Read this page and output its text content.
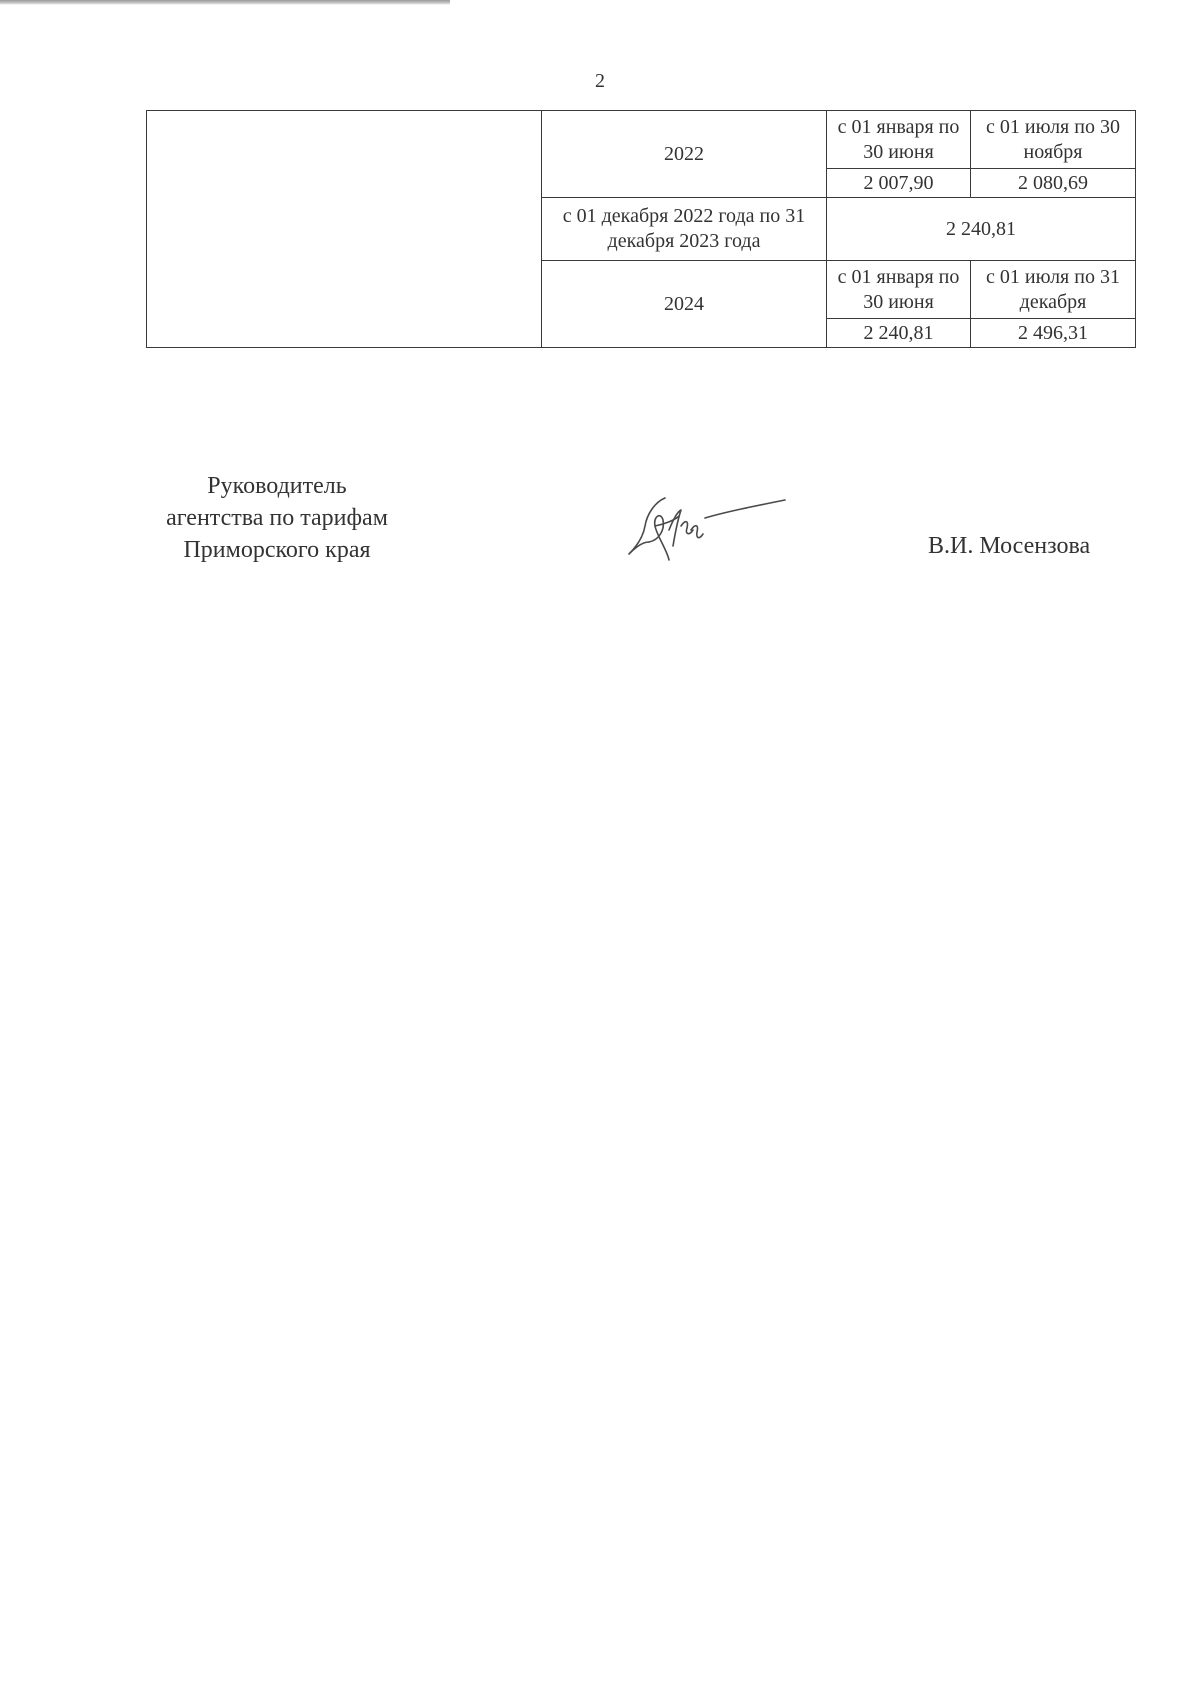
2
	2022	с 01 января по 30 июня	с 01 июля по 30 ноября
		2 007,90	2 080,69
	с 01 декабря 2022 года по 31 декабря 2023 года	2 240,81	
	2024	с 01 января по 30 июня	с 01 июля по 31 декабря
		2 240,81	2 496,31
Руководитель
агентства по тарифам
Приморского края	В.И. Мосензова
